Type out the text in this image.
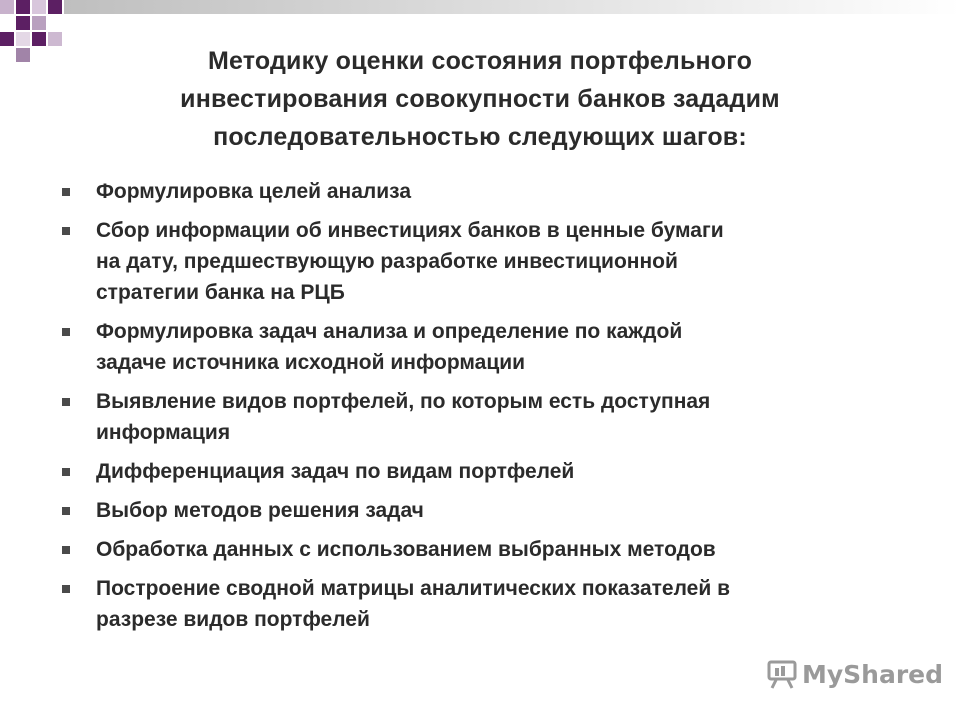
Методику оценки состояния портфельного
инвестирования совокупности банков зададим
последовательностью следующих шагов:
Формулировка целей анализа
Сбор информации об инвестициях банков в ценные бумаги
на дату, предшествующую разработке инвестиционной
стратегии банка на РЦБ
Формулировка задач анализа и определение по каждой
задаче источника исходной информации
Выявление видов портфелей, по которым есть доступная
информация
Дифференциация задач по видам портфелей
Выбор методов решения задач
Обработка данных с использованием выбранных методов
Построение сводной матрицы аналитических показателей в
разрезе видов портфелей
MyShared
